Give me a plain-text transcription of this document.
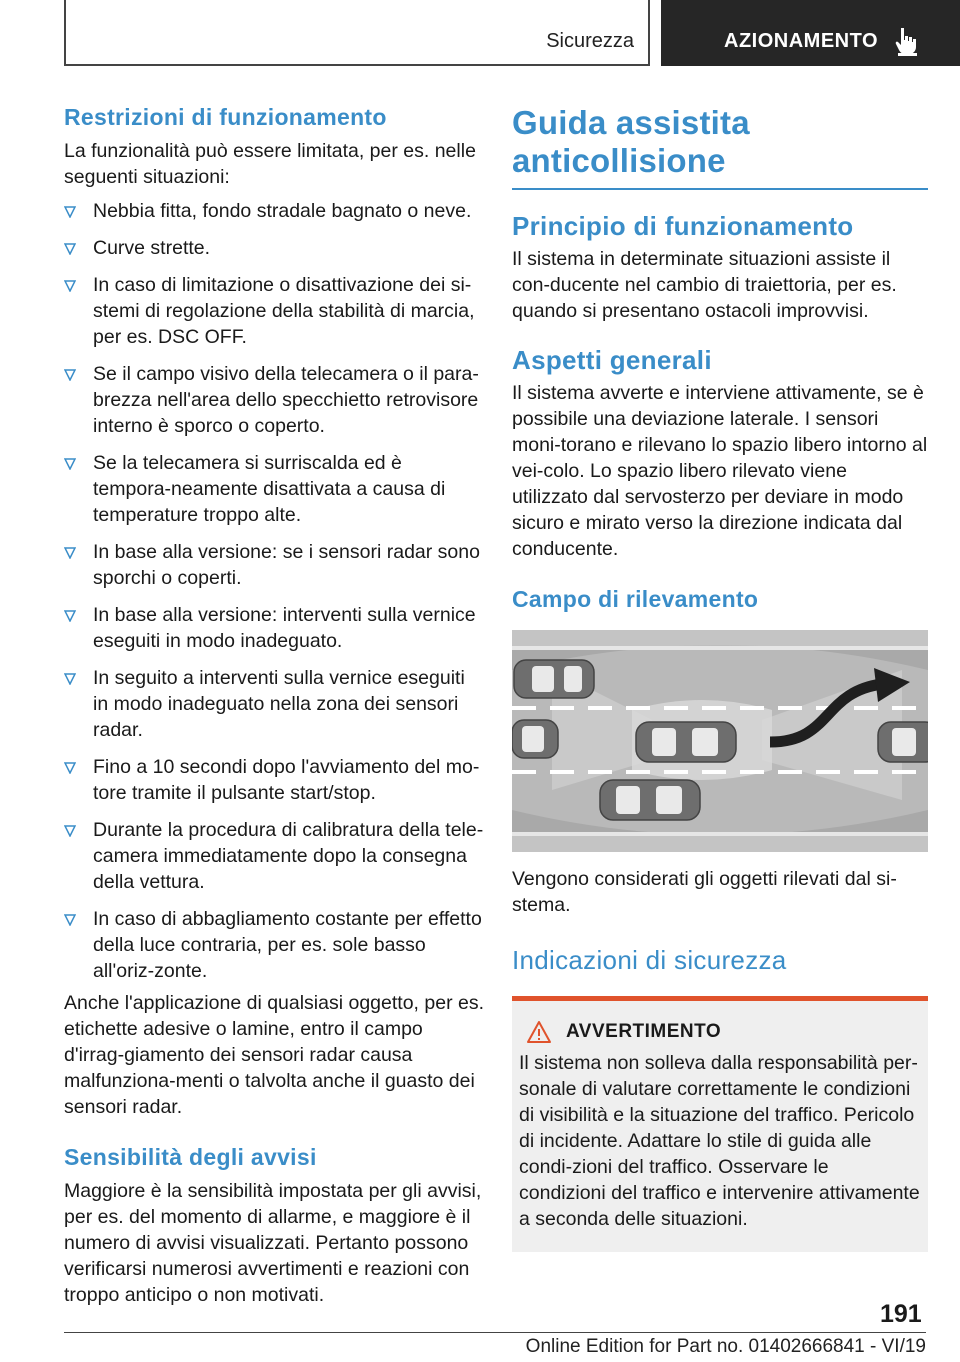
Sicurezza	AZIONAMENTO
Restrizioni di funzionamento

La funzionalità può essere limitata, per es. nelle seguenti situazioni:

Nebbia fitta, fondo stradale bagnato o neve.
Curve strette.
In caso di limitazione o disattivazione dei si-stemi di regolazione della stabilità di marcia, per es. DSC OFF.
Se il campo visivo della telecamera o il para-brezza nell'area dello specchietto retrovisore interno è sporco o coperto.
Se la telecamera si surriscalda ed è tempora-neamente disattivata a causa di temperature troppo alte.
In base alla versione: se i sensori radar sono sporchi o coperti.
In base alla versione: interventi sulla vernice eseguiti in modo inadeguato.
In seguito a interventi sulla vernice eseguiti in modo inadeguato nella zona dei sensori radar.
Fino a 10 secondi dopo l'avviamento del mo-tore tramite il pulsante start/stop.
Durante la procedura di calibratura della tele-camera immediatamente dopo la consegna della vettura.
In caso di abbagliamento costante per effetto della luce contraria, per es. sole basso all'oriz-zonte.

Anche l'applicazione di qualsiasi oggetto, per es. etichette adesive o lamine, entro il campo d'irrag-giamento dei sensori radar causa malfunziona-menti o talvolta anche il guasto dei sensori radar.

Sensibilità degli avvisi

Maggiore è la sensibilità impostata per gli avvisi, per es. del momento di allarme, e maggiore è il numero di avvisi visualizzati. Pertanto possono verificarsi numerosi avvertimenti e reazioni con troppo anticipo o non motivati.

Guida assistita anticollisione
Principio di funzionamento

Il sistema in determinate situazioni assiste il con-ducente nel cambio di traiettoria, per es. quando si presentano ostacoli improvvisi.

Aspetti generali

Il sistema avverte e interviene attivamente, se è possibile una deviazione laterale. I sensori moni-torano e rilevano lo spazio libero intorno al vei-colo. Lo spazio libero rilevato viene utilizzato dal servosterzo per deviare in modo sicuro e mirato verso la direzione indicata dal conducente.

Campo di rilevamento

Vengono considerati gli oggetti rilevati dal si-stema.

Indicazioni di sicurezza
AVVERTIMENTO

Il sistema non solleva dalla responsabilità per-sonale di valutare correttamente le condizioni di visibilità e la situazione del traffico. Pericolo di incidente. Adattare lo stile di guida alle condi-zioni del traffico. Osservare le condizioni del traffico e intervenire attivamente a seconda delle situazioni.

191
Online Edition for Part no. 01402666841 - VI/19
